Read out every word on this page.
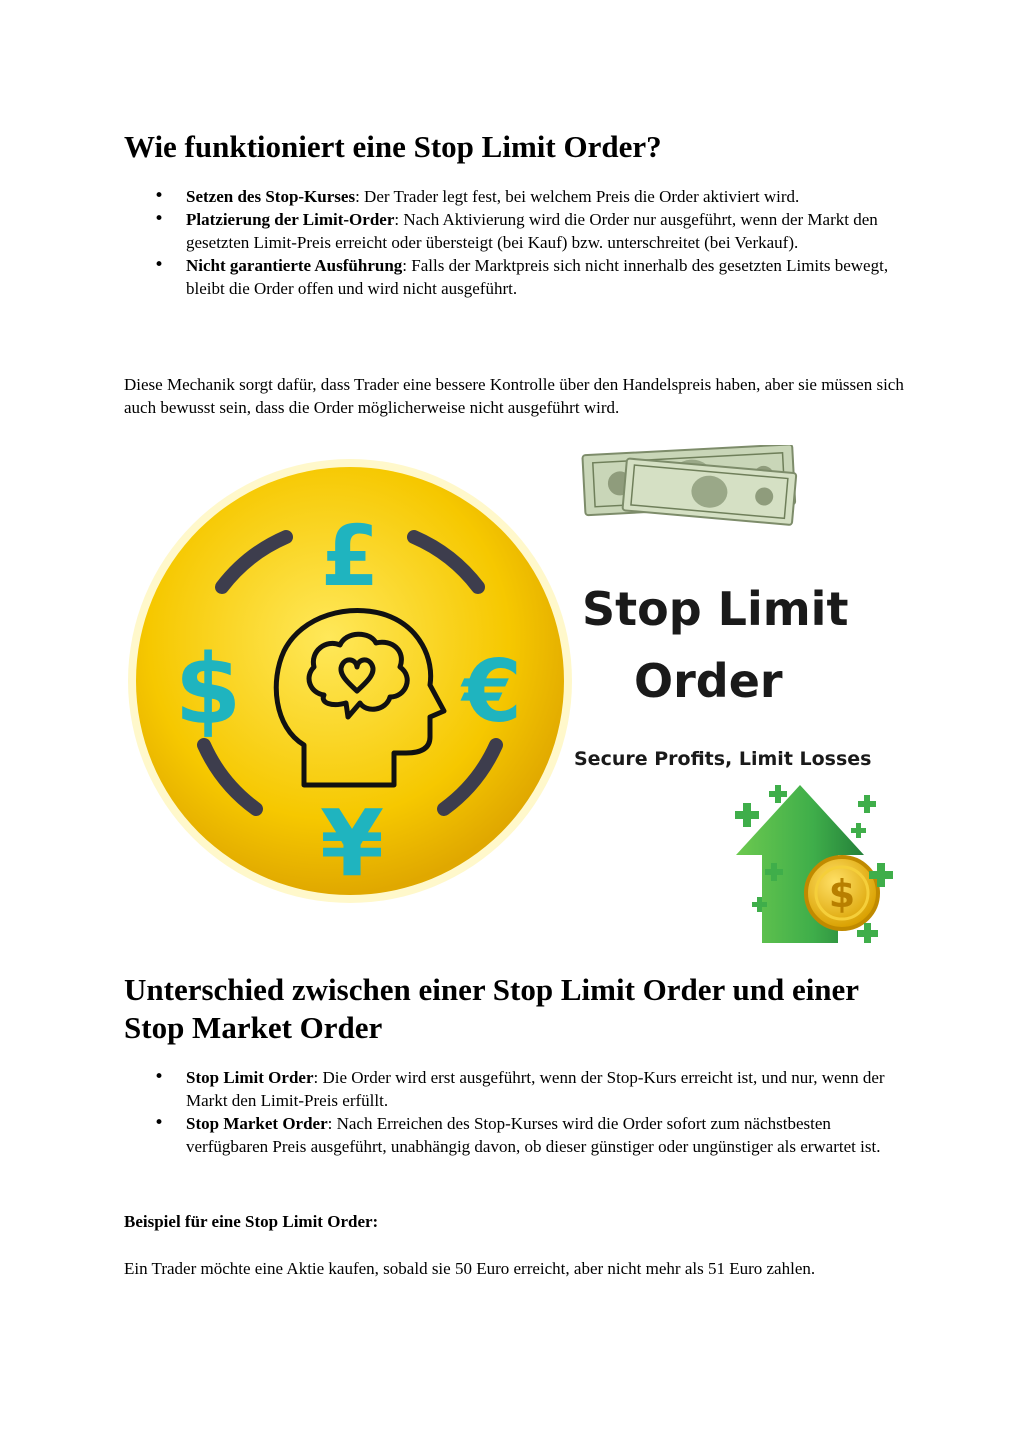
Wie funktioniert eine Stop Limit Order?
• Setzen des Stop-Kurses: Der Trader legt fest, bei welchem Preis die Order aktiviert wird.
• Platzierung der Limit-Order: Nach Aktivierung wird die Order nur ausgeführt, wenn der Markt den gesetzten Limit-Preis erreicht oder übersteigt (bei Kauf) bzw. unterschreitet (bei Verkauf).
• Nicht garantierte Ausführung: Falls der Marktpreis sich nicht innerhalb des gesetzten Limits bewegt, bleibt die Order offen und wird nicht ausgeführt.

Diese Mechanik sorgt dafür, dass Trader eine bessere Kontrolle über den Handelspreis haben, aber sie müssen sich auch bewusst sein, dass die Order möglicherweise nicht ausgeführt wird.

Unterschied zwischen einer Stop Limit Order und einer Stop Market Order
• Stop Limit Order: Die Order wird erst ausgeführt, wenn der Stop-Kurs erreicht ist, und nur, wenn der Markt den Limit-Preis erfüllt.
• Stop Market Order: Nach Erreichen des Stop-Kurses wird die Order sofort zum nächstbesten verfügbaren Preis ausgeführt, unabhängig davon, ob dieser günstiger oder ungünstiger als erwartet ist.

Beispiel für eine Stop Limit Order:

Ein Trader möchte eine Aktie kaufen, sobald sie 50 Euro erreicht, aber nicht mehr als 51 Euro zahlen.

£
$	€
¥
Stop Limit
Order
Secure Profits, Limit Losses
$
